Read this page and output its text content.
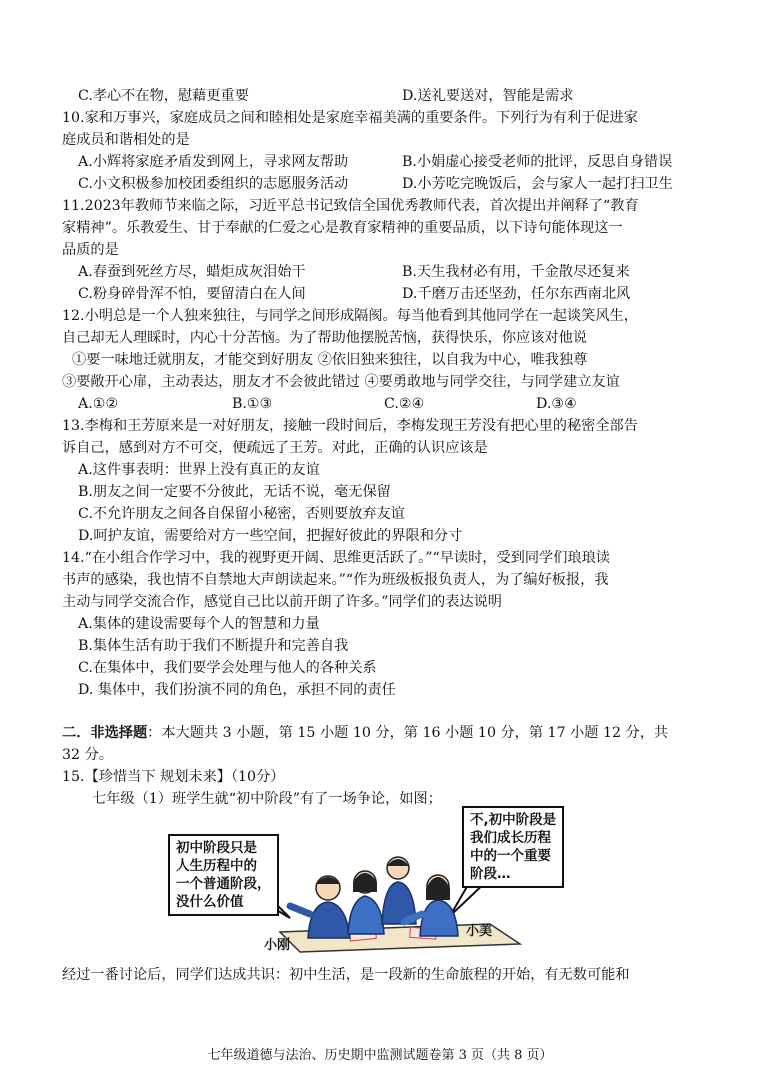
C.孝心不在物，慰藉更重要	D.送礼要送对，智能是需求
10.家和万事兴，家庭成员之间和睦相处是家庭幸福美满的重要条件。下列行为有利于促进家
庭成员和谐相处的是
A.小辉将家庭矛盾发到网上，寻求网友帮助	B.小娟虚心接受老师的批评，反思自身错误
C.小文积极参加校团委组织的志愿服务活动	D.小芳吃完晚饭后，会与家人一起打扫卫生
11.2023年教师节来临之际，习近平总书记致信全国优秀教师代表，首次提出并阐释了“教育
家精神”。乐教爱生、甘于奉献的仁爱之心是教育家精神的重要品质，以下诗句能体现这一
品质的是
A.春蚕到死丝方尽，蜡炬成灰泪始干	B.天生我材必有用，千金散尽还复来
C.粉身碎骨浑不怕，要留清白在人间	D.千磨万击还坚劲，任尔东西南北风
12.小明总是一个人独来独往，与同学之间形成隔阂。每当他看到其他同学在一起谈笑风生，
自己却无人理睬时，内心十分苦恼。为了帮助他摆脱苦恼，获得快乐，你应该对他说
①要一味地迁就朋友，才能交到好朋友 ②依旧独来独往，以自我为中心，唯我独尊
③要敞开心扉，主动表达，朋友才不会彼此错过 ④要勇敢地与同学交往，与同学建立友谊
A.①②	B.①③	C.②④	D.③④
13.李梅和王芳原来是一对好朋友，接触一段时间后，李梅发现王芳没有把心里的秘密全部告
诉自己，感到对方不可交，便疏远了王芳。对此，正确的认识应该是
A.这件事表明：世界上没有真正的友谊
B.朋友之间一定要不分彼此，无话不说，毫无保留
C.不允许朋友之间各自保留小秘密，否则要放弃友谊
D.呵护友谊，需要给对方一些空间，把握好彼此的界限和分寸
14.“在小组合作学习中，我的视野更开阔、思维更活跃了。”“早读时，受到同学们琅琅读
书声的感染，我也情不自禁地大声朗读起来。”“作为班级板报负责人，为了编好板报，我
主动与同学交流合作，感觉自己比以前开朗了许多。”同学们的表达说明
A.集体的建设需要每个人的智慧和力量
B.集体生活有助于我们不断提升和完善自我
C.在集体中，我们要学会处理与他人的各种关系
D. 集体中，我们扮演不同的角色，承担不同的责任
二．非选择题：本大题共 3 小题，第 15 小题 10 分，第 16 小题 10 分，第 17 小题 12 分，共
32 分。
15.【珍惜当下 规划未来】（10分）
七年级（1）班学生就“初中阶段”有了一场争论，如图；
初中阶段只是
人生历程中的
一个普通阶段，
没什么价值
不,初中阶段是
我们成长历程
中的一个重要
阶段…
小刚
小美
经过一番讨论后，同学们达成共识：初中生活，是一段新的生命旅程的开始，有无数可能和
七年级道德与法治、历史期中监测试题卷第 3 页（共 8 页）
